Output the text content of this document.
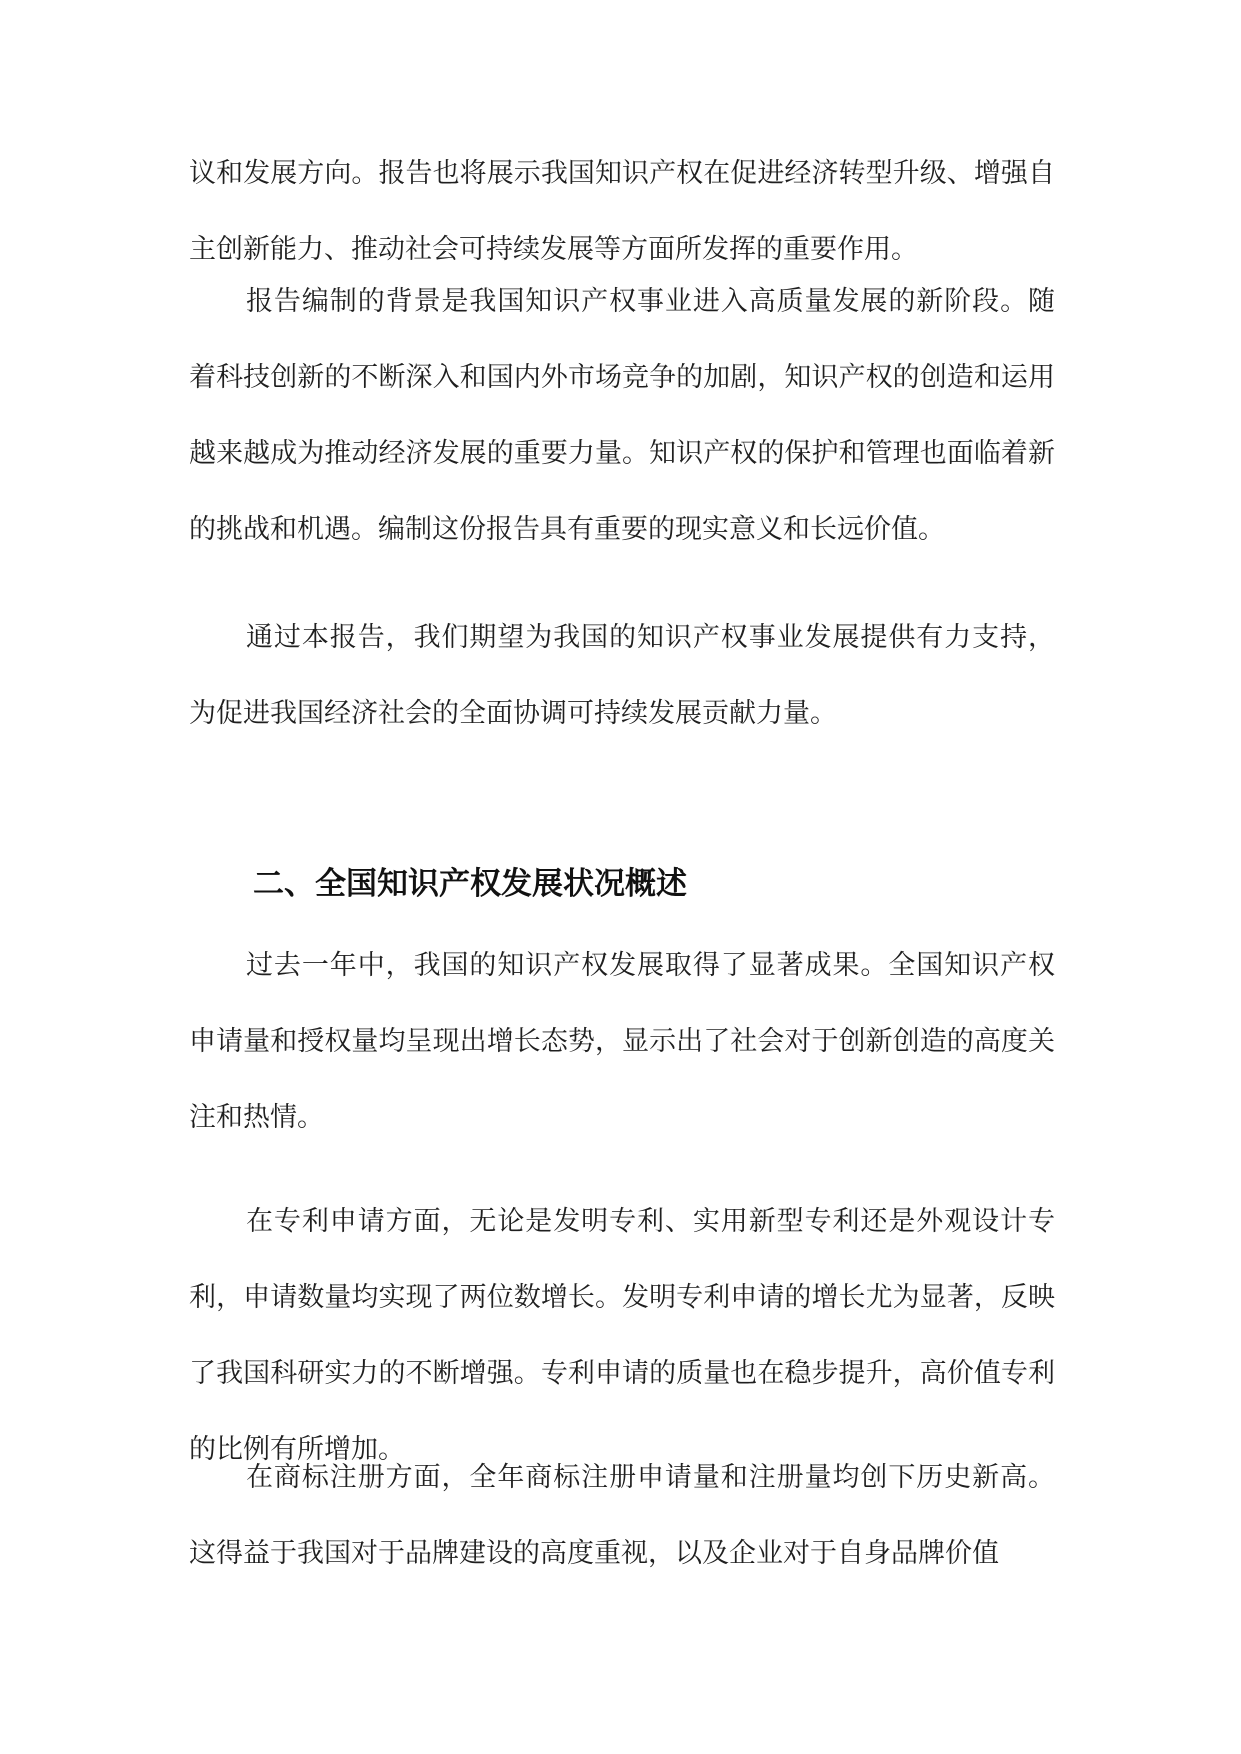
议和发展方向。报告也将展示我国知识产权在促进经济转型升级、增强自主创新能力、推动社会可持续发展等方面所发挥的重要作用。

报告编制的背景是我国知识产权事业进入高质量发展的新阶段。随着科技创新的不断深入和国内外市场竞争的加剧，知识产权的创造和运用越来越成为推动经济发展的重要力量。知识产权的保护和管理也面临着新的挑战和机遇。编制这份报告具有重要的现实意义和长远价值。

通过本报告，我们期望为我国的知识产权事业发展提供有力支持，为促进我国经济社会的全面协调可持续发展贡献力量。

二、全国知识产权发展状况概述

过去一年中，我国的知识产权发展取得了显著成果。全国知识产权申请量和授权量均呈现出增长态势，显示出了社会对于创新创造的高度关注和热情。

在专利申请方面，无论是发明专利、实用新型专利还是外观设计专利，申请数量均实现了两位数增长。发明专利申请的增长尤为显著，反映了我国科研实力的不断增强。专利申请的质量也在稳步提升，高价值专利的比例有所增加。

在商标注册方面，全年商标注册申请量和注册量均创下历史新高。这得益于我国对于品牌建设的高度重视，以及企业对于自身品牌价值
